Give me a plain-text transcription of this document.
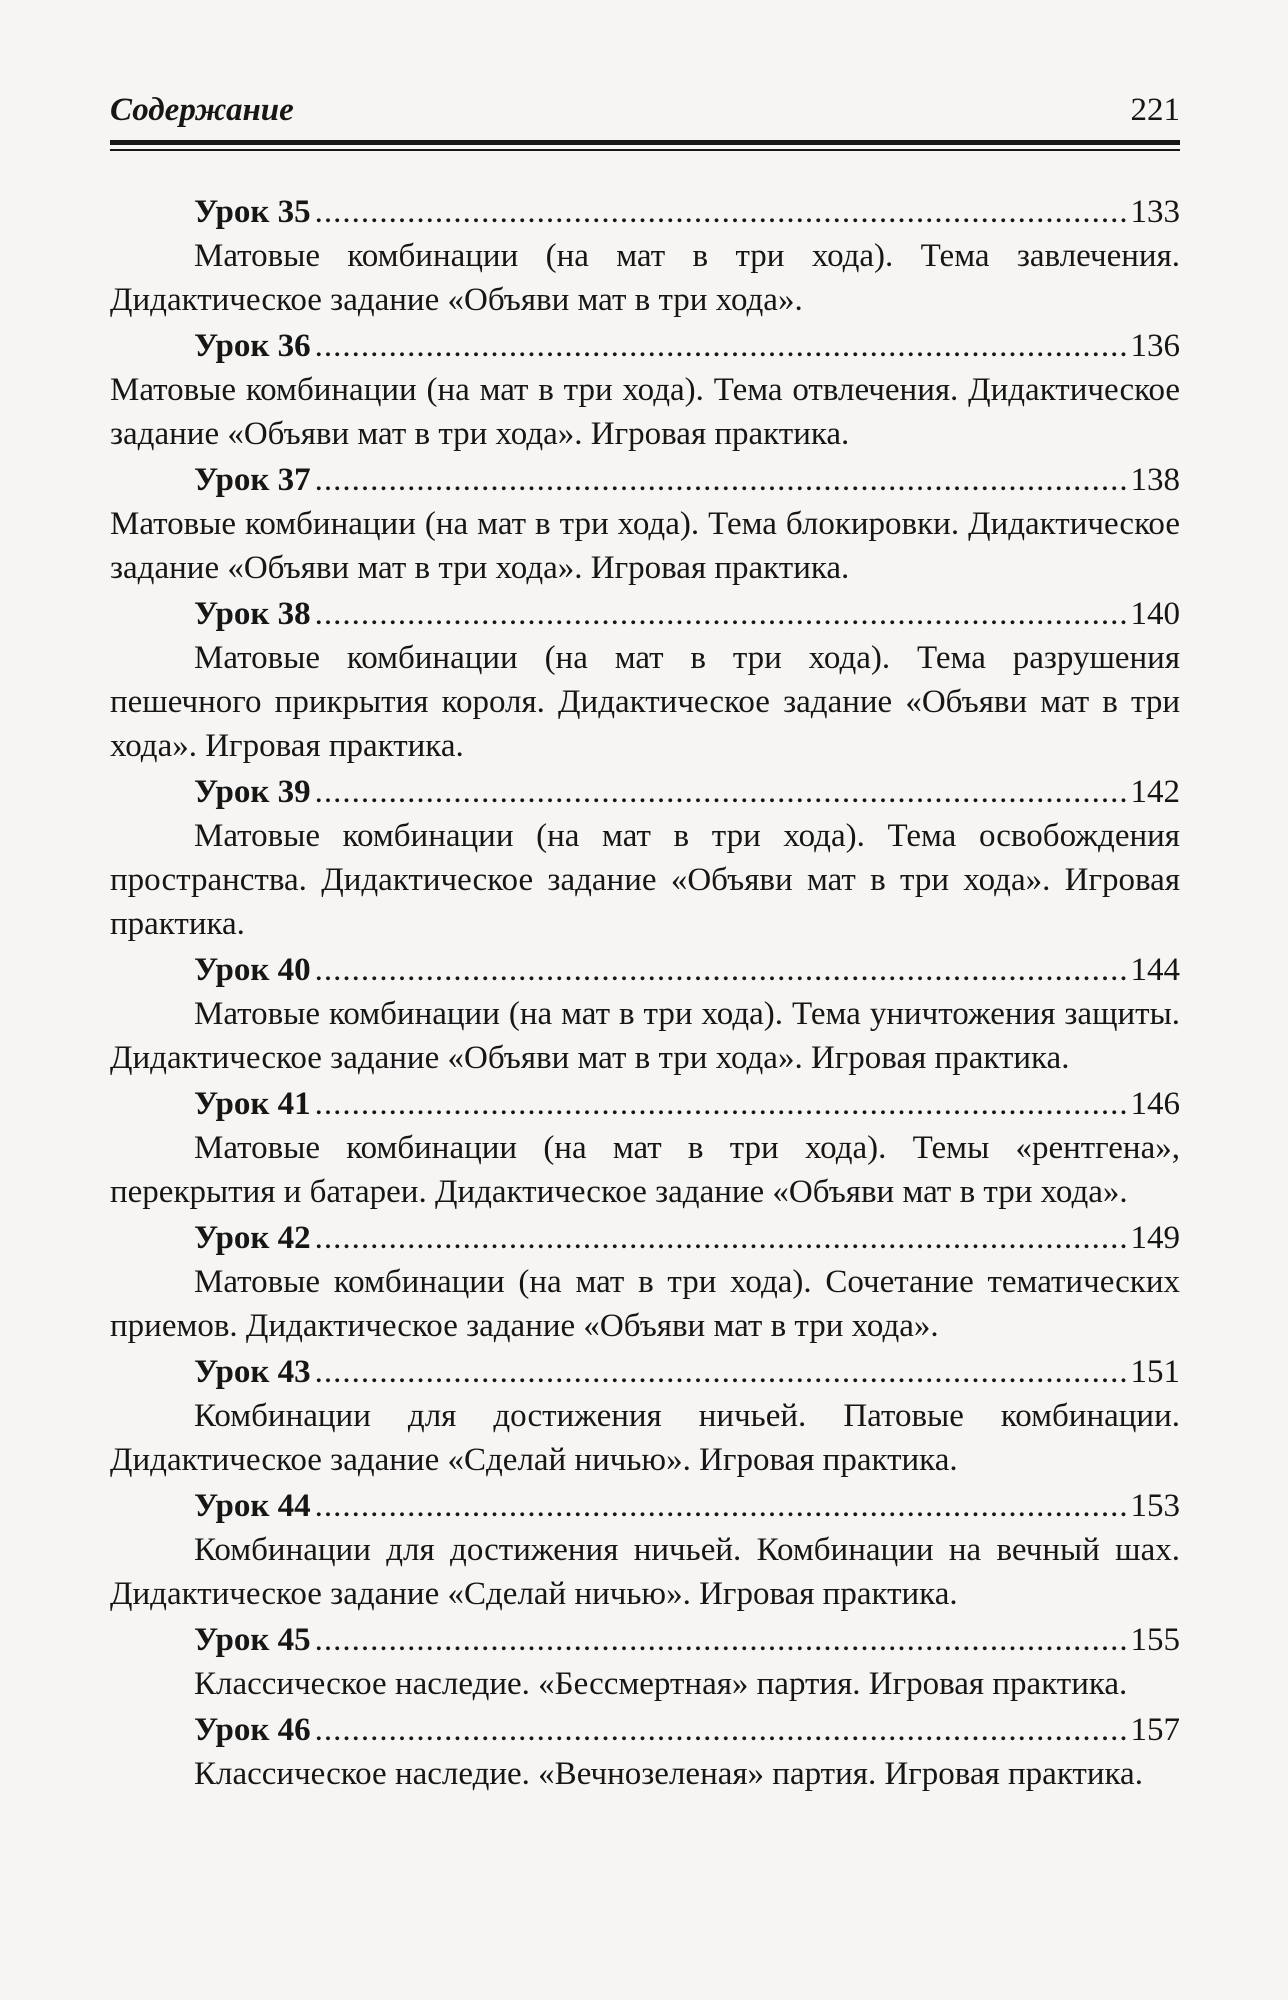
Содержание	221
Урок 35 .....	133

Матовые комбинации (на мат в три хода). Тема завлечения. Дидактическое задание «Объяви мат в три хода».

Урок 36 .....	136

Матовые комбинации (на мат в три хода). Тема отвлечения. Дидактическое задание «Объяви мат в три хода». Игровая практика.

Урок 37 .....	138

Матовые комбинации (на мат в три хода). Тема блокировки. Дидактическое задание «Объяви мат в три хода». Игровая практика.

Урок 38 .....	140

Матовые комбинации (на мат в три хода). Тема разрушения пешечного прикрытия короля. Дидактическое задание «Объяви мат в три хода». Игровая практика.

Урок 39 .....	142

Матовые комбинации (на мат в три хода). Тема освобождения пространства. Дидактическое задание «Объяви мат в три хода». Игровая практика.

Урок 40 .....	144

Матовые комбинации (на мат в три хода). Тема уничтожения защиты. Дидактическое задание «Объяви мат в три хода». Игровая практика.

Урок 41 .....	146

Матовые комбинации (на мат в три хода). Темы «рентгена», перекрытия и батареи. Дидактическое задание «Объяви мат в три хода».

Урок 42 .....	149

Матовые комбинации (на мат в три хода). Сочетание тематических приемов. Дидактическое задание «Объяви мат в три хода».

Урок 43 .....	151

Комбинации для достижения ничьей. Патовые комбинации. Дидактическое задание «Сделай ничью». Игровая практика.

Урок 44 .....	153

Комбинации для достижения ничьей. Комбинации на вечный шах. Дидактическое задание «Сделай ничью». Игровая практика.

Урок 45 .....	155

Классическое наследие. «Бессмертная» партия. Игровая практика.

Урок 46 .....	157

Классическое наследие. «Вечнозеленая» партия. Игровая практика.
